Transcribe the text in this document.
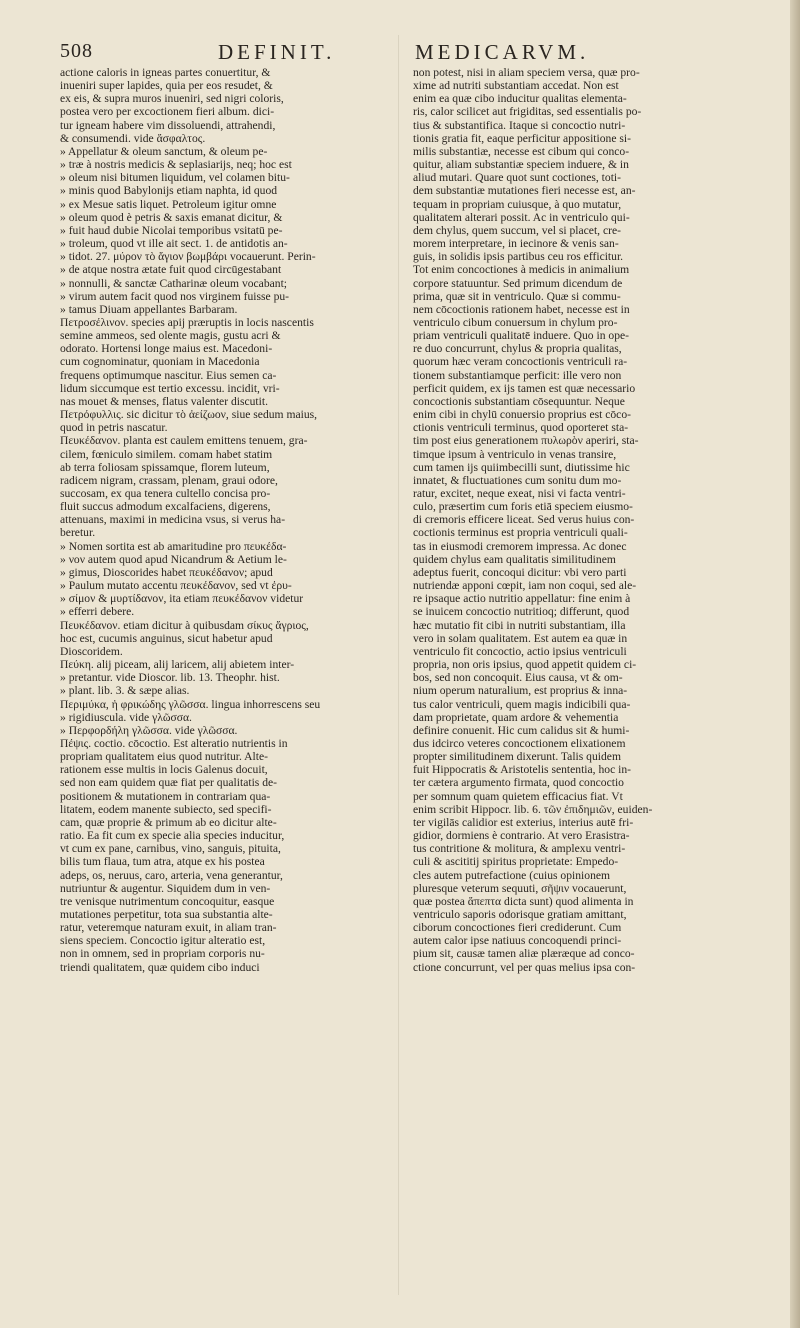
508	DEFINIT.	MEDICARVM.
actione caloris in igneas partes conuertitur, &
inueniri super lapides, quia per eos resudet, &
ex eis, & supra muros inueniri, sed nigri coloris,
postea vero per excoctionem fieri album. dici-
tur igneam habere vim dissoluendi, attrahendi,
& consumendi. vide ἄσφαλτος.
» Appellatur & oleum sanctum, & oleum pe-
» træ à nostris medicis & seplasiarijs, neq; hoc est
» oleum nisi bitumen liquidum, vel colamen bitu-
» minis quod Babylonijs etiam naphta, id quod
» ex Mesue satis liquet. Petroleum igitur omne
» oleum quod è petris & saxis emanat dicitur, &
» fuit haud dubie Nicolai temporibus vsitatū pe-
» troleum, quod vt ille ait sect. 1. de antidotis an-
» tidot. 27. μύρον τὸ ἅγιον βωμβάρι vocauerunt. Perin-
» de atque nostra ætate fuit quod circūgestabant
» nonnulli, & sanctæ Catharinæ oleum vocabant;
» virum autem facit quod nos virginem fuisse pu-
» tamus Diuam appellantes Barbaram.
Πετροσέλινον. species apij præruptis in locis nascentis
semine ammeos, sed olente magis, gustu acri &
odorato. Hortensi longe maius est. Macedoni-
cum cognominatur, quoniam in Macedonia
frequens optimumque nascitur. Eius semen ca-
lidum siccumque est tertio excessu. incidit, vri-
nas mouet & menses, flatus valenter discutit.
Πετρόφυλλις. sic dicitur τὸ ἀείζωον, siue sedum maius,
quod in petris nascatur.
Πευκέδανον. planta est caulem emittens tenuem, gra-
cilem, fœniculo similem. comam habet statim
ab terra foliosam spissamque, florem luteum,
radicem nigram, crassam, plenam, graui odore,
succosam, ex qua tenera cultello concisa pro-
fluit succus admodum excalfaciens, digerens,
attenuans, maximi in medicina vsus, si verus ha-
beretur.
» Nomen sortita est ab amaritudine pro πευκέδα-
» νον autem quod apud Nicandrum & Aetium le-
» gimus, Dioscorides habet πευκέδανον; apud
» Paulum mutato accentu πευκέδανον, sed vt ἐρυ-
» σίμον & μυρτίδανον, ita etiam πευκέδανον videtur
» efferri debere.
Πευκέδανον. etiam dicitur à quibusdam σίκυς ἄγριος,
hoc est, cucumis anguinus, sicut habetur apud
Dioscoridem.
Πεύκη. alij piceam, alij laricem, alij abietem inter-
» pretantur. vide Dioscor. lib. 13. Theophr. hist.
» plant. lib. 3. & sæpe alias.
Περιμύκα, ἡ φρικώδης γλῶσσα. lingua inhorrescens seu
» rigidiuscula. vide γλῶσσα.
» Περφορδήλη γλῶσσα. vide γλῶσσα.
Πέψις. coctio. cōcoctio. Est alteratio nutrientis in
propriam qualitatem eius quod nutritur. Alte-
rationem esse multis in locis Galenus docuit,
sed non eam quidem quæ fiat per qualitatis de-
positionem & mutationem in contrariam qua-
litatem, eodem manente subiecto, sed specifi-
cam, quæ proprie & primum ab eo dicitur alte-
ratio. Ea fit cum ex specie alia species inducitur,
vt cum ex pane, carnibus, vino, sanguis, pituita,
bilis tum flaua, tum atra, atque ex his postea
adeps, os, neruus, caro, arteria, vena generantur,
nutriuntur & augentur. Siquidem dum in ven-
tre venisque nutrimentum concoquitur, easque
mutationes perpetitur, tota sua substantia alte-
ratur, veteremque naturam exuit, in aliam tran-
siens speciem. Concoctio igitur alteratio est,
non in omnem, sed in propriam corporis nu-
triendi qualitatem, quæ quidem cibo induci
non potest, nisi in aliam speciem versa, quæ pro-
xime ad nutriti substantiam accedat. Non est
enim ea quæ cibo inducitur qualitas elementa-
ris, calor scilicet aut frigiditas, sed essentialis po-
tius & substantifica. Itaque si concoctio nutri-
tionis gratia fit, eaque perficitur appositione si-
milis substantiæ, necesse est cibum qui conco-
quitur, aliam substantiæ speciem induere, & in
aliud mutari. Quare quot sunt coctiones, toti-
dem substantiæ mutationes fieri necesse est, an-
tequam in propriam cuiusque, à quo mutatur,
qualitatem alterari possit. Ac in ventriculo qui-
dem chylus, quem succum, vel si placet, cre-
morem interpretare, in iecinore & venis san-
guis, in solidis ipsis partibus ceu ros efficitur.
Tot enim concoctiones à medicis in animalium
corpore statuuntur. Sed primum dicendum de
prima, quæ sit in ventriculo. Quæ si commu-
nem cōcoctionis rationem habet, necesse est in
ventriculo cibum conuersum in chylum pro-
priam ventriculi qualitatē induere. Quo in ope-
re duo concurrunt, chylus & propria qualitas,
quorum hæc veram concoctionis ventriculi ra-
tionem substantiamque perficit: ille vero non
perficit quidem, ex ijs tamen est quæ necessario
concoctionis substantiam cōsequuntur. Neque
enim cibi in chylū conuersio proprius est cōco-
ctionis ventriculi terminus, quod oporteret sta-
tim post eius generationem πυλωρὸν aperiri, sta-
timque ipsum à ventriculo in venas transire,
cum tamen ijs quiimbecilli sunt, diutissime hic
innatet, & fluctuationes cum sonitu dum mo-
ratur, excitet, neque exeat, nisi vi facta ventri-
culo, præsertim cum foris etiā speciem eiusmo-
di cremoris efficere liceat. Sed verus huius con-
coctionis terminus est propria ventriculi quali-
tas in eiusmodi cremorem impressa. Ac donec
quidem chylus eam qualitatis similitudinem
adeptus fuerit, concoqui dicitur: vbi vero parti
nutriendæ apponi cœpit, iam non coqui, sed ale-
re ipsaque actio nutritio appellatur: fine enim à
se inuicem concoctio nutritioq; differunt, quod
hæc mutatio fit cibi in nutriti substantiam, illa
vero in solam qualitatem. Est autem ea quæ in
ventriculo fit concoctio, actio ipsius ventriculi
propria, non oris ipsius, quod appetit quidem ci-
bos, sed non concoquit. Eius causa, vt & om-
nium operum naturalium, est proprius & inna-
tus calor ventriculi, quem magis indicibili qua-
dam proprietate, quam ardore & vehementia
definire conuenit. Hic cum calidus sit & humi-
dus idcirco veteres concoctionem elixationem
propter similitudinem dixerunt. Talis quidem
fuit Hippocratis & Aristotelis sententia, hoc in-
ter cætera argumento firmata, quod concoctio
per somnum quam quietem efficacius fiat. Vt
enim scribit Hippocr. lib. 6. τῶν ἐπιδημιῶν, euiden-
ter vigilās calidior est exterius, interius autē fri-
gidior, dormiens è contrario. At vero Erasistra-
tus contritione & molitura, & amplexu ventri-
culi & ascititij spiritus proprietate: Empedo-
cles autem putrefactione (cuius opinionem
pluresque veterum sequuti, σῆψιν vocauerunt,
quæ postea ἄπεπτα dicta sunt) quod alimenta in
ventriculo saporis odorisque gratiam amittant,
ciborum concoctiones fieri crediderunt. Cum
autem calor ipse natiuus concoquendi princi-
pium sit, causæ tamen aliæ plæræque ad conco-
ctione concurrunt, vel per quas melius ipsa con-
